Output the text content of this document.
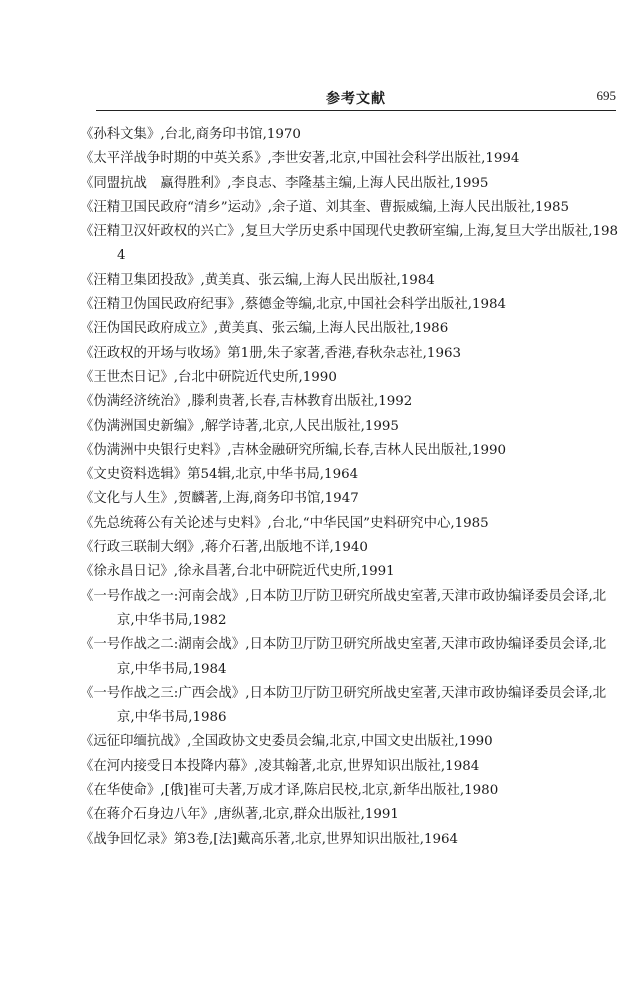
参考文献	695
《孙科文集》,台北,商务印书馆,1970
《太平洋战争时期的中英关系》,李世安著,北京,中国社会科学出版社,1994
《同盟抗战　赢得胜利》,李良志、李隆基主编,上海人民出版社,1995
《汪精卫国民政府“清乡”运动》,余子道、刘其奎、曹振威编,上海人民出版社,1985
《汪精卫汉奸政权的兴亡》,复旦大学历史系中国现代史教研室编,上海,复旦大学出版社,1984
《汪精卫集团投敌》,黄美真、张云编,上海人民出版社,1984
《汪精卫伪国民政府纪事》,蔡德金等编,北京,中国社会科学出版社,1984
《汪伪国民政府成立》,黄美真、张云编,上海人民出版社,1986
《汪政权的开场与收场》第1册,朱子家著,香港,春秋杂志社,1963
《王世杰日记》,台北中研院近代史所,1990
《伪满经济统治》,滕利贵著,长春,吉林教育出版社,1992
《伪满洲国史新编》,解学诗著,北京,人民出版社,1995
《伪满洲中央银行史料》,吉林金融研究所编,长春,吉林人民出版社,1990
《文史资料选辑》第54辑,北京,中华书局,1964
《文化与人生》,贺麟著,上海,商务印书馆,1947
《先总统蒋公有关论述与史料》,台北,“中华民国”史料研究中心,1985
《行政三联制大纲》,蒋介石著,出版地不详,1940
《徐永昌日记》,徐永昌著,台北中研院近代史所,1991
《一号作战之一:河南会战》,日本防卫厅防卫研究所战史室著,天津市政协编译委员会译,北京,中华书局,1982
《一号作战之二:湖南会战》,日本防卫厅防卫研究所战史室著,天津市政协编译委员会译,北京,中华书局,1984
《一号作战之三:广西会战》,日本防卫厅防卫研究所战史室著,天津市政协编译委员会译,北京,中华书局,1986
《远征印缅抗战》,全国政协文史委员会编,北京,中国文史出版社,1990
《在河内接受日本投降内幕》,凌其翰著,北京,世界知识出版社,1984
《在华使命》,[俄]崔可夫著,万成才译,陈启民校,北京,新华出版社,1980
《在蒋介石身边八年》,唐纵著,北京,群众出版社,1991
《战争回忆录》第3卷,[法]戴高乐著,北京,世界知识出版社,1964
